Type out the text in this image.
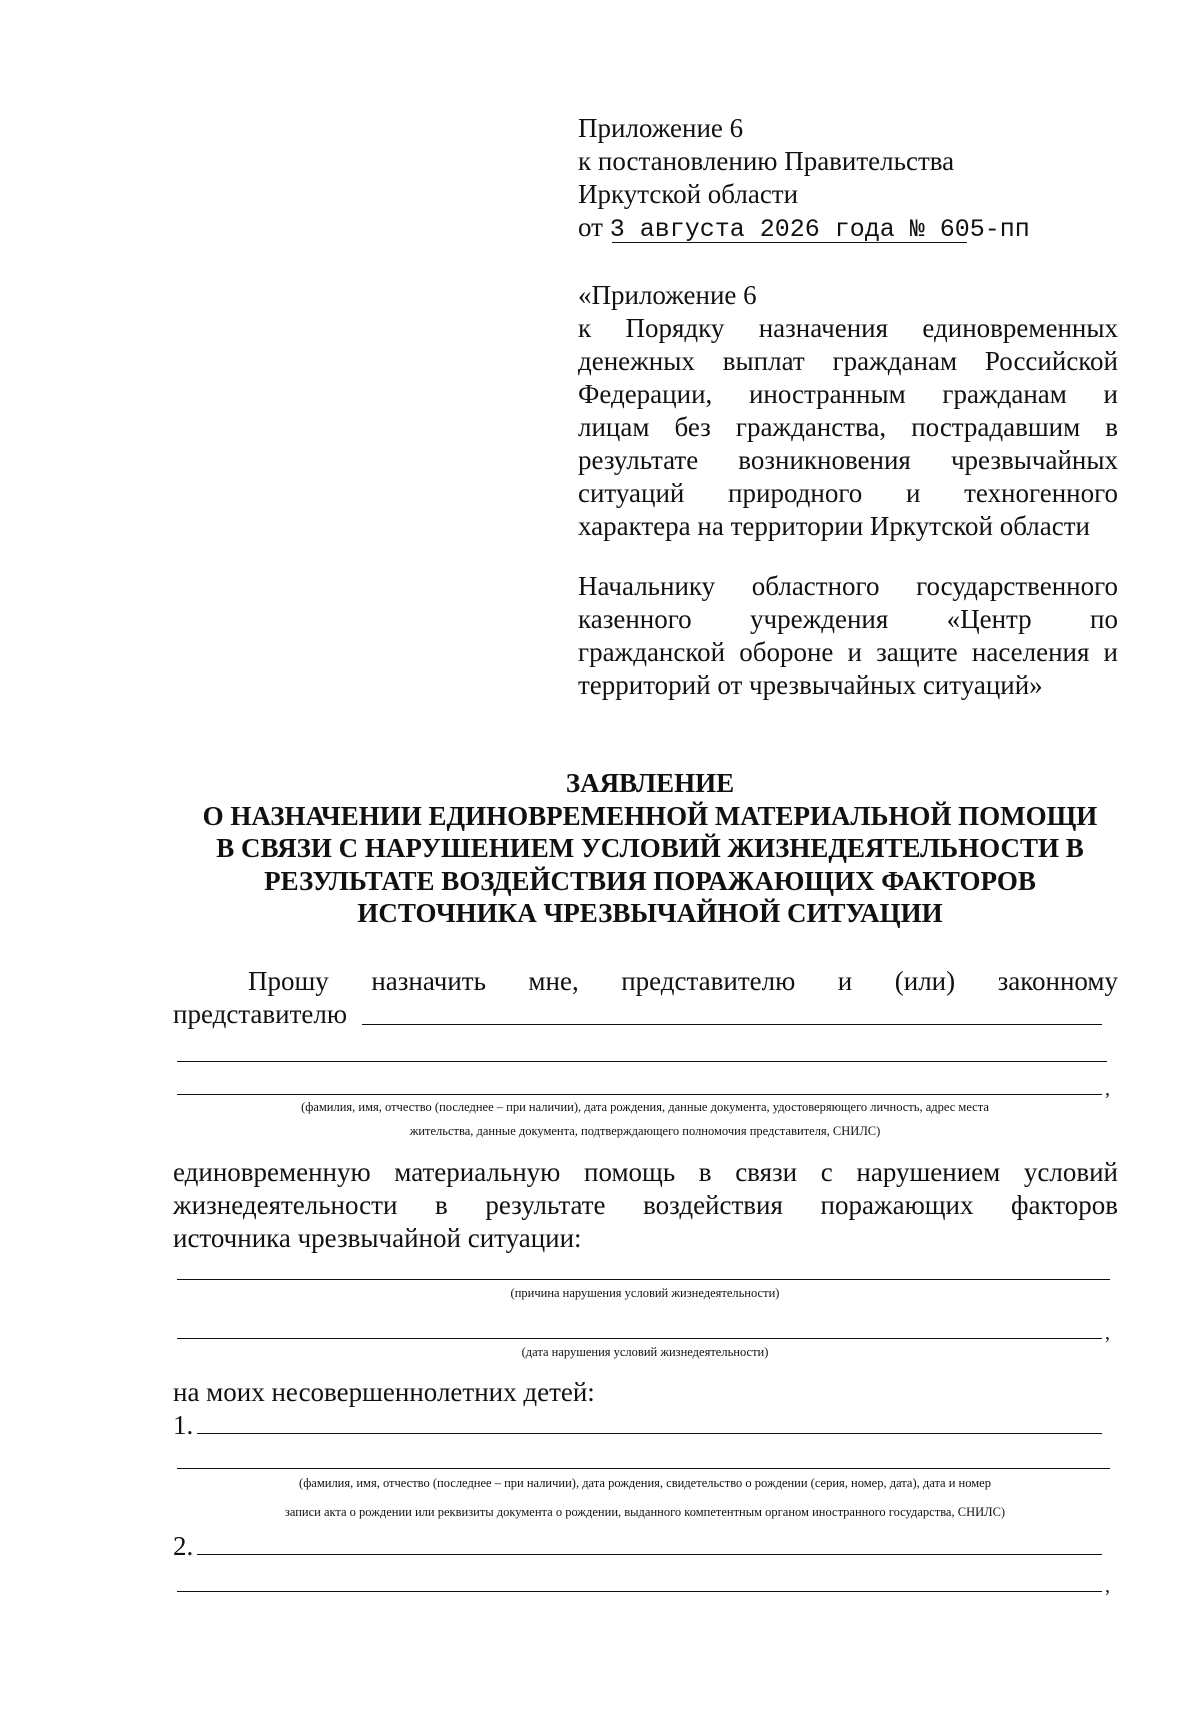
Приложение 6
к постановлению Правительства
Иркутской области
от 3 августа 2026 года № 605-пп
«Приложение 6
к Порядку назначения единовременных
денежных выплат гражданам Российской
Федерации, иностранным гражданам и
лицам без гражданства, пострадавшим в
результате возникновения чрезвычайных
ситуаций природного и техногенного
характера на территории Иркутской области
Начальнику областного государственного
казенного учреждения «Центр по
гражданской обороне и защите населения и
территорий от чрезвычайных ситуаций»
ЗАЯВЛЕНИЕ
О НАЗНАЧЕНИИ ЕДИНОВРЕМЕННОЙ МАТЕРИАЛЬНОЙ ПОМОЩИ
В СВЯЗИ С НАРУШЕНИЕМ УСЛОВИЙ ЖИЗНЕДЕЯТЕЛЬНОСТИ В
РЕЗУЛЬТАТЕ ВОЗДЕЙСТВИЯ ПОРАЖАЮЩИХ ФАКТОРОВ
ИСТОЧНИКА ЧРЕЗВЫЧАЙНОЙ СИТУАЦИИ
Прошу назначить мне, представителю и (или) законному
представителю
,
(фамилия, имя, отчество (последнее – при наличии), дата рождения, данные документа, удостоверяющего личность, адрес места
жительства, данные документа, подтверждающего полномочия представителя, СНИЛС)
единовременную материальную помощь в связи с нарушением условий
жизнедеятельности в результате воздействия поражающих факторов
источника чрезвычайной ситуации:
(причина нарушения условий жизнедеятельности)
,
(дата нарушения условий жизнедеятельности)
на моих несовершеннолетних детей:
1.
(фамилия, имя, отчество (последнее – при наличии), дата рождения, свидетельство о рождении (серия, номер, дата), дата и номер
записи акта о рождении или реквизиты документа о рождении, выданного компетентным органом иностранного государства, СНИЛС)
2.
,
